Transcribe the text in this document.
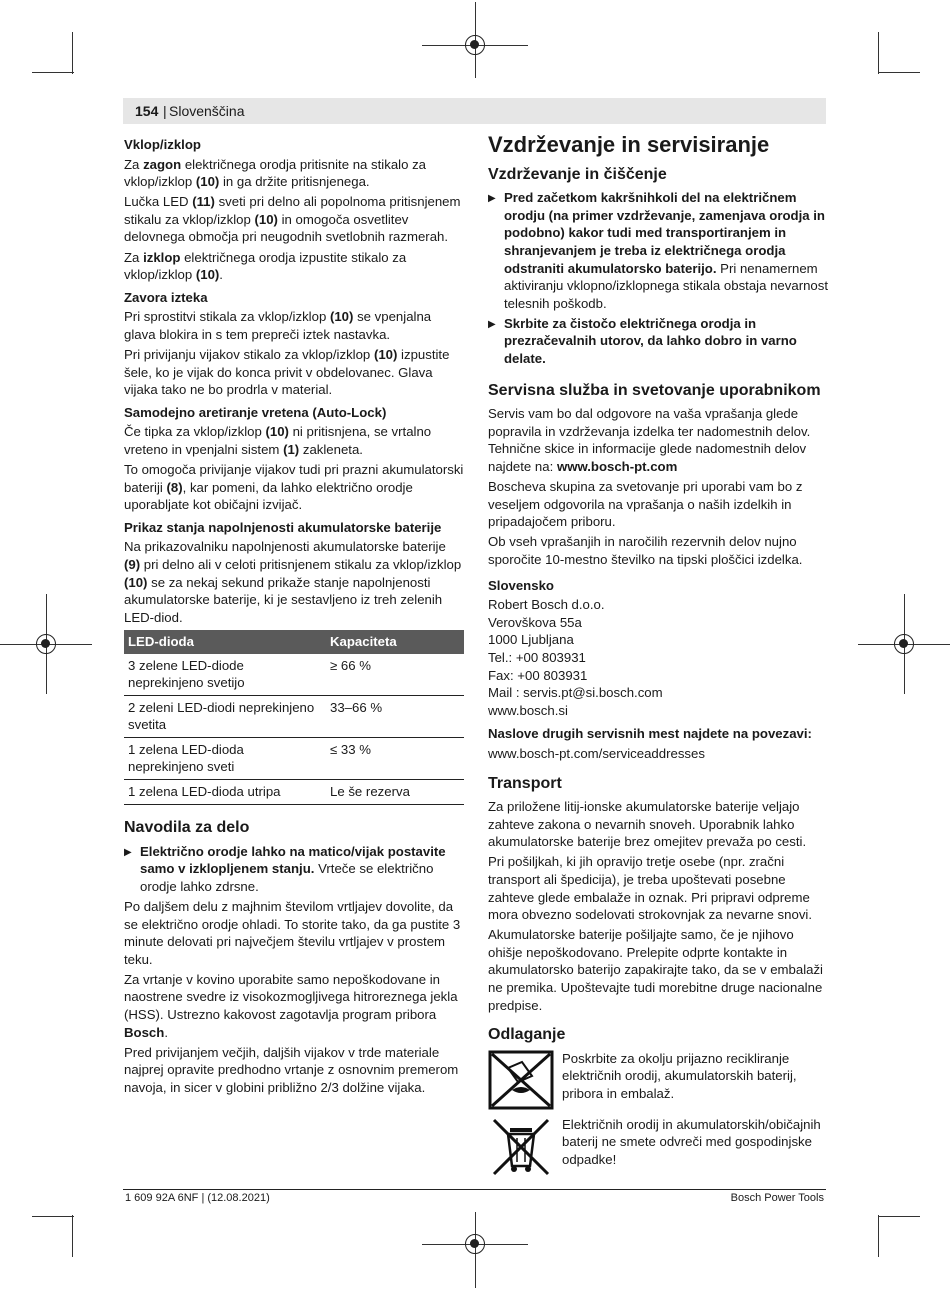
154 | Slovenščina
Vklop/izklop

Za zagon električnega orodja pritisnite na stikalo za vklop/izklop (10) in ga držite pritisnjenega.

Lučka LED (11) sveti pri delno ali popolnoma pritisnjenem stikalu za vklop/izklop (10) in omogoča osvetlitev delovnega območja pri neugodnih svetlobnih razmerah.

Za izklop električnega orodja izpustite stikalo za vklop/izklop (10).

Zavora izteka

Pri sprostitvi stikala za vklop/izklop (10) se vpenjalna glava blokira in s tem prepreči iztek nastavka.

Pri privijanju vijakov stikalo za vklop/izklop (10) izpustite šele, ko je vijak do konca privit v obdelovanec. Glava vijaka tako ne bo prodrla v material.

Samodejno aretiranje vretena (Auto-Lock)

Če tipka za vklop/izklop (10) ni pritisnjena, se vrtalno vreteno in vpenjalni sistem (1) zakleneta.

To omogoča privijanje vijakov tudi pri prazni akumulatorski bateriji (8), kar pomeni, da lahko električno orodje uporabljate kot običajni izvijač.

Prikaz stanja napolnjenosti akumulatorske baterije

Na prikazovalniku napolnjenosti akumulatorske baterije (9) pri delno ali v celoti pritisnjenem stikalu za vklop/izklop (10) se za nekaj sekund prikaže stanje napolnjenosti akumulatorske baterije, ki je sestavljeno iz treh zelenih LED-diod.

LED-dioda	Kapaciteta
3 zelene LED-diode neprekinjeno svetijo	≥ 66 %
2 zeleni LED-diodi neprekinjeno svetita	33–66 %
1 zelena LED-dioda neprekinjeno sveti	≤ 33 %
1 zelena LED-dioda utripa	Le še rezerva
Navodila za delo

▶ Električno orodje lahko na matico/vijak postavite samo v izklopljenem stanju. Vrteče se električno orodje lahko zdrsne.

Po daljšem delu z majhnim številom vrtljajev dovolite, da se električno orodje ohladi. To storite tako, da ga pustite 3 minute delovati pri največjem številu vrtljajev v prostem teku.

Za vrtanje v kovino uporabite samo nepoškodovane in naostrene svedre iz visokozmogljivega hitroreznega jekla (HSS). Ustrezno kakovost zagotavlja program pribora Bosch.

Pred privijanjem večjih, daljših vijakov v trde materiale najprej opravite predhodno vrtanje z osnovnim premerom navoja, in sicer v globini približno 2/3 dolžine vijaka.

Vzdrževanje in servisiranje
Vzdrževanje in čiščenje

▶ Pred začetkom kakršnihkoli del na električnem orodju (na primer vzdrževanje, zamenjava orodja in podobno) kakor tudi med transportiranjem in shranjevanjem je treba iz električnega orodja odstraniti akumulatorsko baterijo. Pri nenamernem aktiviranju vklopno/izklopnega stikala obstaja nevarnost telesnih poškodb.

▶ Skrbite za čistočo električnega orodja in prezračevalnih utorov, da lahko dobro in varno delate.

Servisna služba in svetovanje uporabnikom

Servis vam bo dal odgovore na vaša vprašanja glede popravila in vzdrževanja izdelka ter nadomestnih delov. Tehnične skice in informacije glede nadomestnih delov najdete na: www.bosch-pt.com

Boscheva skupina za svetovanje pri uporabi vam bo z veseljem odgovorila na vprašanja o naših izdelkih in pripadajočem priboru.

Ob vseh vprašanjih in naročilih rezervnih delov nujno sporočite 10-mestno številko na tipski ploščici izdelka.

Slovensko
Robert Bosch d.o.o.
Verovškova 55a
1000 Ljubljana
Tel.: +00 803931
Fax: +00 803931
Mail : servis.pt@si.bosch.com
www.bosch.si
Naslove drugih servisnih mest najdete na povezavi:

www.bosch-pt.com/serviceaddresses

Transport

Za priložene litij-ionske akumulatorske baterije veljajo zahteve zakona o nevarnih snoveh. Uporabnik lahko akumulatorske baterije brez omejitev prevaža po cesti.

Pri pošiljkah, ki jih opravijo tretje osebe (npr. zračni transport ali špedicija), je treba upoštevati posebne zahteve glede embalaže in oznak. Pri pripravi odpreme mora obvezno sodelovati strokovnjak za nevarne snovi.

Akumulatorske baterije pošiljajte samo, če je njihovo ohišje nepoškodovano. Prelepite odprte kontakte in akumulatorsko baterijo zapakirajte tako, da se v embalaži ne premika. Upoštevajte tudi morebitne druge nacionalne predpise.

Odlaganje

Poskrbite za okolju prijazno recikliranje električnih orodij, akumulatorskih baterij, pribora in embalaž.

Električnih orodij in akumulatorskih/običajnih baterij ne smete odvreči med gospodinjske odpadke!

1 609 92A 6NF | (12.08.2021)	Bosch Power Tools
